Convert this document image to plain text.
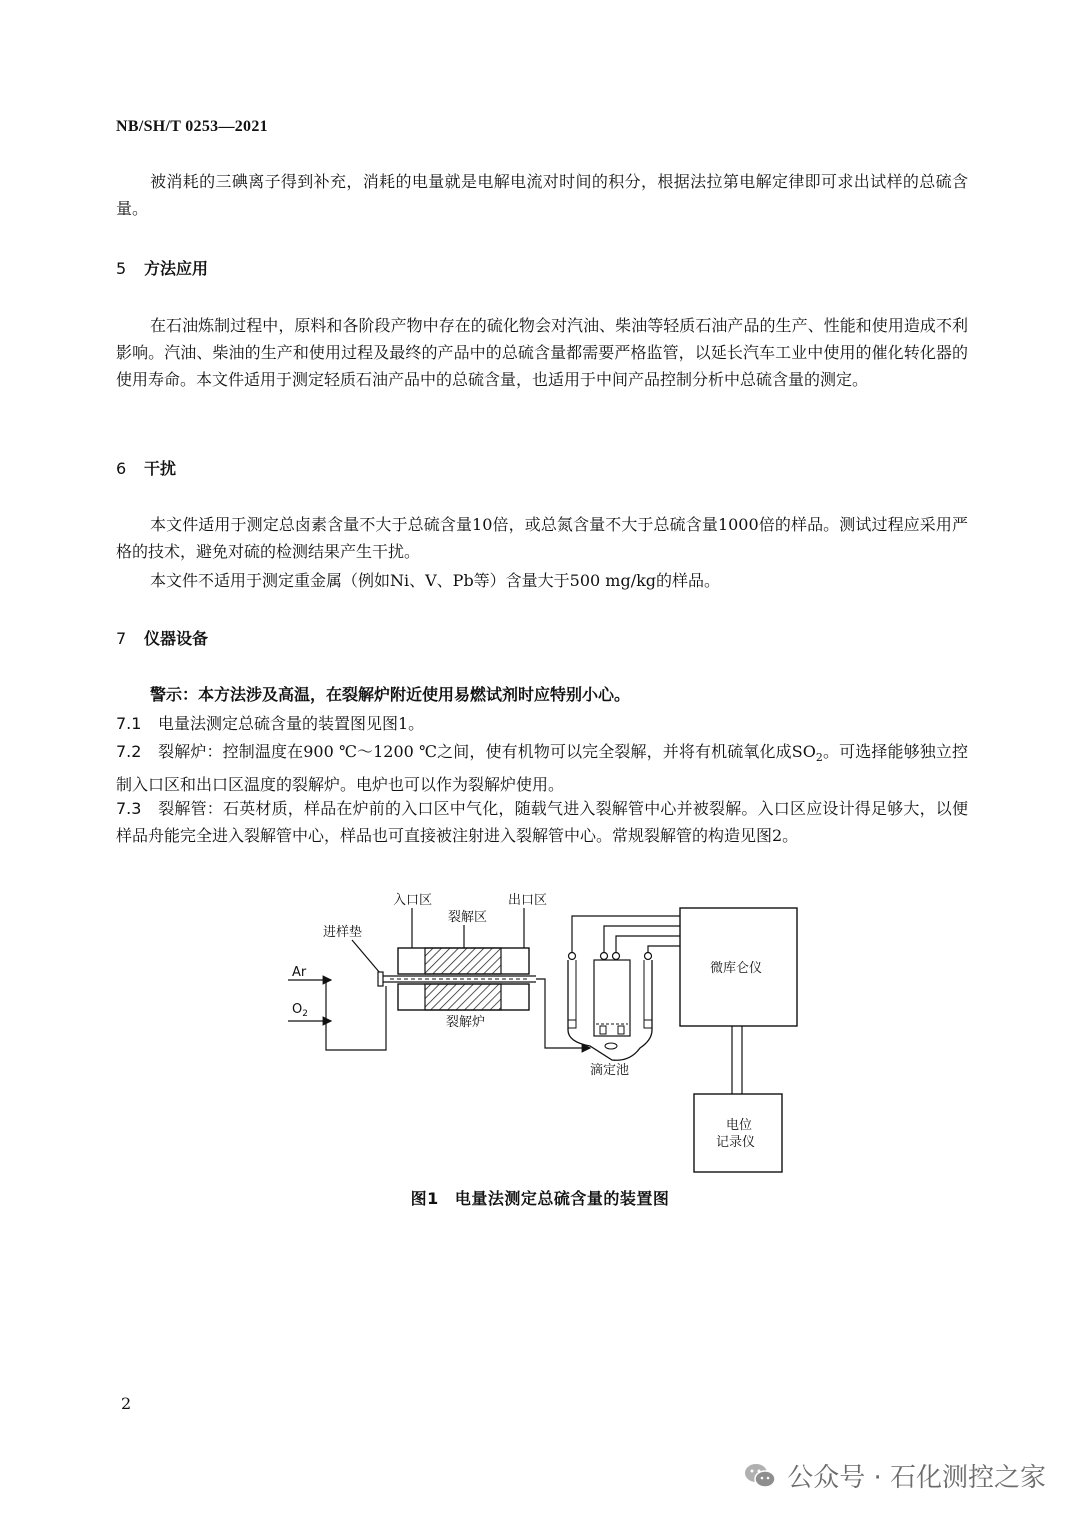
NB/SH/T 0253—2021
被消耗的三碘离子得到补充，消耗的电量就是电解电流对时间的积分，根据法拉第电解定律即可求出试样的总硫含量。
5 方法应用
在石油炼制过程中，原料和各阶段产物中存在的硫化物会对汽油、柴油等轻质石油产品的生产、性能和使用造成不利影响。汽油、柴油的生产和使用过程及最终的产品中的总硫含量都需要严格监管，以延长汽车工业中使用的催化转化器的使用寿命。本文件适用于测定轻质石油产品中的总硫含量，也适用于中间产品控制分析中总硫含量的测定。
6 干扰
本文件适用于测定总卤素含量不大于总硫含量10倍，或总氮含量不大于总硫含量1000倍的样品。测试过程应采用严格的技术，避免对硫的检测结果产生干扰。
本文件不适用于测定重金属（例如Ni、V、Pb等）含量大于500 mg/kg的样品。
7 仪器设备
警示：本方法涉及高温，在裂解炉附近使用易燃试剂时应特别小心。
7.1 电量法测定总硫含量的装置图见图1。
7.2 裂解炉：控制温度在900 ℃～1200 ℃之间，使有机物可以完全裂解，并将有机硫氧化成$SO_2$。可选择能够独立控制入口区和出口区温度的裂解炉。电炉也可以作为裂解炉使用。
7.3 裂解管：石英材质，样品在炉前的入口区中气化，随载气进入裂解管中心并被裂解。入口区应设计得足够大，以便样品舟能完全进入裂解管中心，样品也可直接被注射进入裂解管中心。常规裂解管的构造见图2。
入口区
裂解区
出口区
进样垫
裂解炉
Ar
$O_2$
滴定池
微库仑仪
电位
记录仪
图1 电量法测定总硫含量的装置图
2
公众号 · 石化测控之家
